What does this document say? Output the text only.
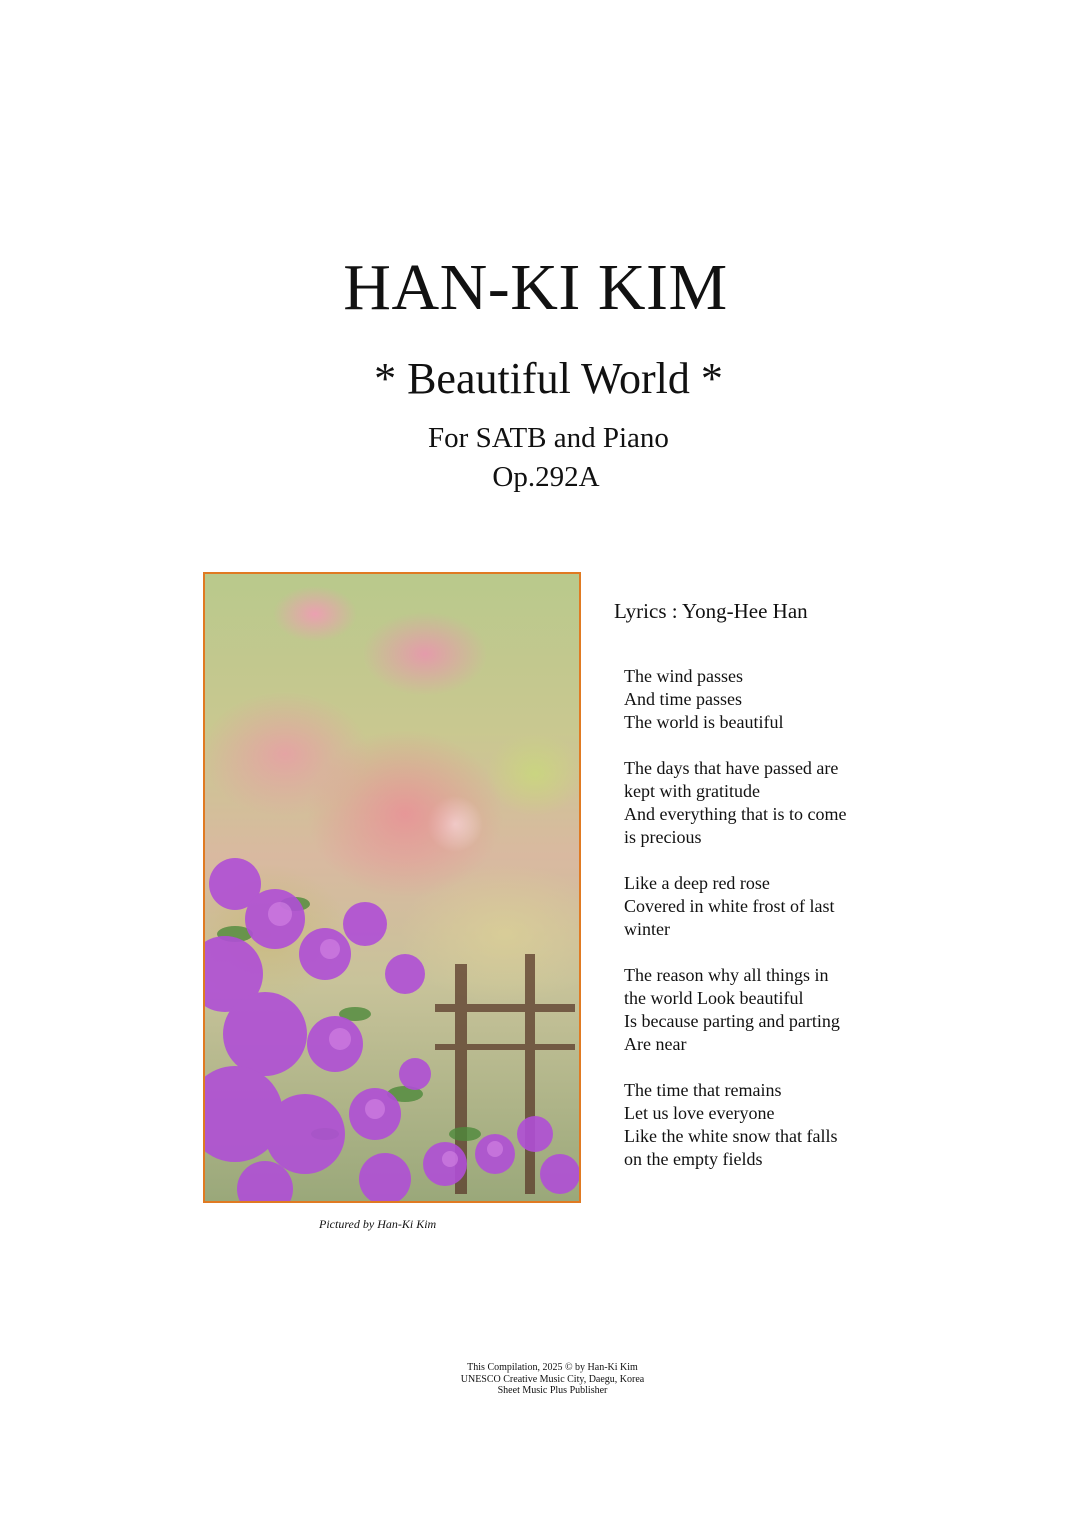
HAN-KI KIM
* Beautiful World *
For SATB and Piano
Op.292A
Pictured by Han-Ki Kim
Lyrics : Yong-Hee Han
The wind passes
And time passes
The world is beautiful
The days that have passed are
kept with gratitude
And everything that is to come
is precious
Like a deep red rose
Covered in white frost of last
winter
The reason why all things in
the world Look beautiful
Is because parting and parting
Are near
The time that remains
Let us love everyone
Like the white snow that falls
on the empty fields
This Compilation, 2025 © by Han-Ki Kim
UNESCO Creative Music City, Daegu, Korea
Sheet Music Plus Publisher
